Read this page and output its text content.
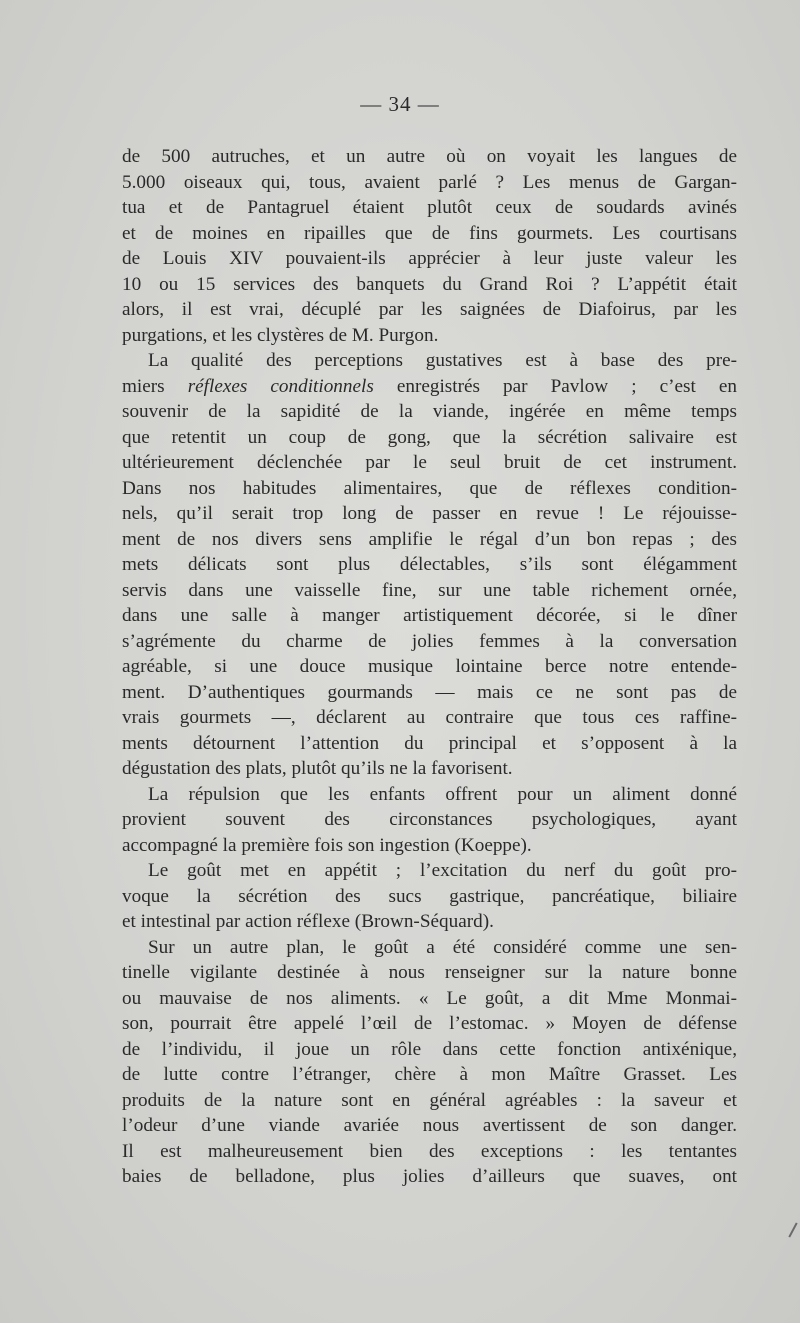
— 34 —
de 500 autruches, et un autre où on voyait les langues de
5.000 oiseaux qui, tous, avaient parlé ? Les menus de Gargan-
tua et de Pantagruel étaient plutôt ceux de soudards avinés
et de moines en ripailles que de fins gourmets. Les courtisans
de Louis XIV pouvaient-ils apprécier à leur juste valeur les
10 ou 15 services des banquets du Grand Roi ? L’appétit était
alors, il est vrai, décuplé par les saignées de Diafoirus, par les
purgations, et les clystères de M. Purgon.
La qualité des perceptions gustatives est à base des pre-
miers réflexes conditionnels enregistrés par Pavlow ; c’est en
souvenir de la sapidité de la viande, ingérée en même temps
que retentit un coup de gong, que la sécrétion salivaire est
ultérieurement déclenchée par le seul bruit de cet instrument.
Dans nos habitudes alimentaires, que de réflexes condition-
nels, qu’il serait trop long de passer en revue ! Le réjouisse-
ment de nos divers sens amplifie le régal d’un bon repas ; des
mets délicats sont plus délectables, s’ils sont élégamment
servis dans une vaisselle fine, sur une table richement ornée,
dans une salle à manger artistiquement décorée, si le dîner
s’agrémente du charme de jolies femmes à la conversation
agréable, si une douce musique lointaine berce notre entende-
ment. D’authentiques gourmands — mais ce ne sont pas de
vrais gourmets —, déclarent au contraire que tous ces raffine-
ments détournent l’attention du principal et s’opposent à la
dégustation des plats, plutôt qu’ils ne la favorisent.
La répulsion que les enfants offrent pour un aliment donné
provient souvent des circonstances psychologiques, ayant
accompagné la première fois son ingestion (Koeppe).
Le goût met en appétit ; l’excitation du nerf du goût pro-
voque la sécrétion des sucs gastrique, pancréatique, biliaire
et intestinal par action réflexe (Brown-Séquard).
Sur un autre plan, le goût a été considéré comme une sen-
tinelle vigilante destinée à nous renseigner sur la nature bonne
ou mauvaise de nos aliments. « Le goût, a dit Mme Monmai-
son, pourrait être appelé l’œil de l’estomac. » Moyen de défense
de l’individu, il joue un rôle dans cette fonction antixénique,
de lutte contre l’étranger, chère à mon Maître Grasset. Les
produits de la nature sont en général agréables : la saveur et
l’odeur d’une viande avariée nous avertissent de son danger.
Il est malheureusement bien des exceptions : les tentantes
baies de belladone, plus jolies d’ailleurs que suaves, ont
